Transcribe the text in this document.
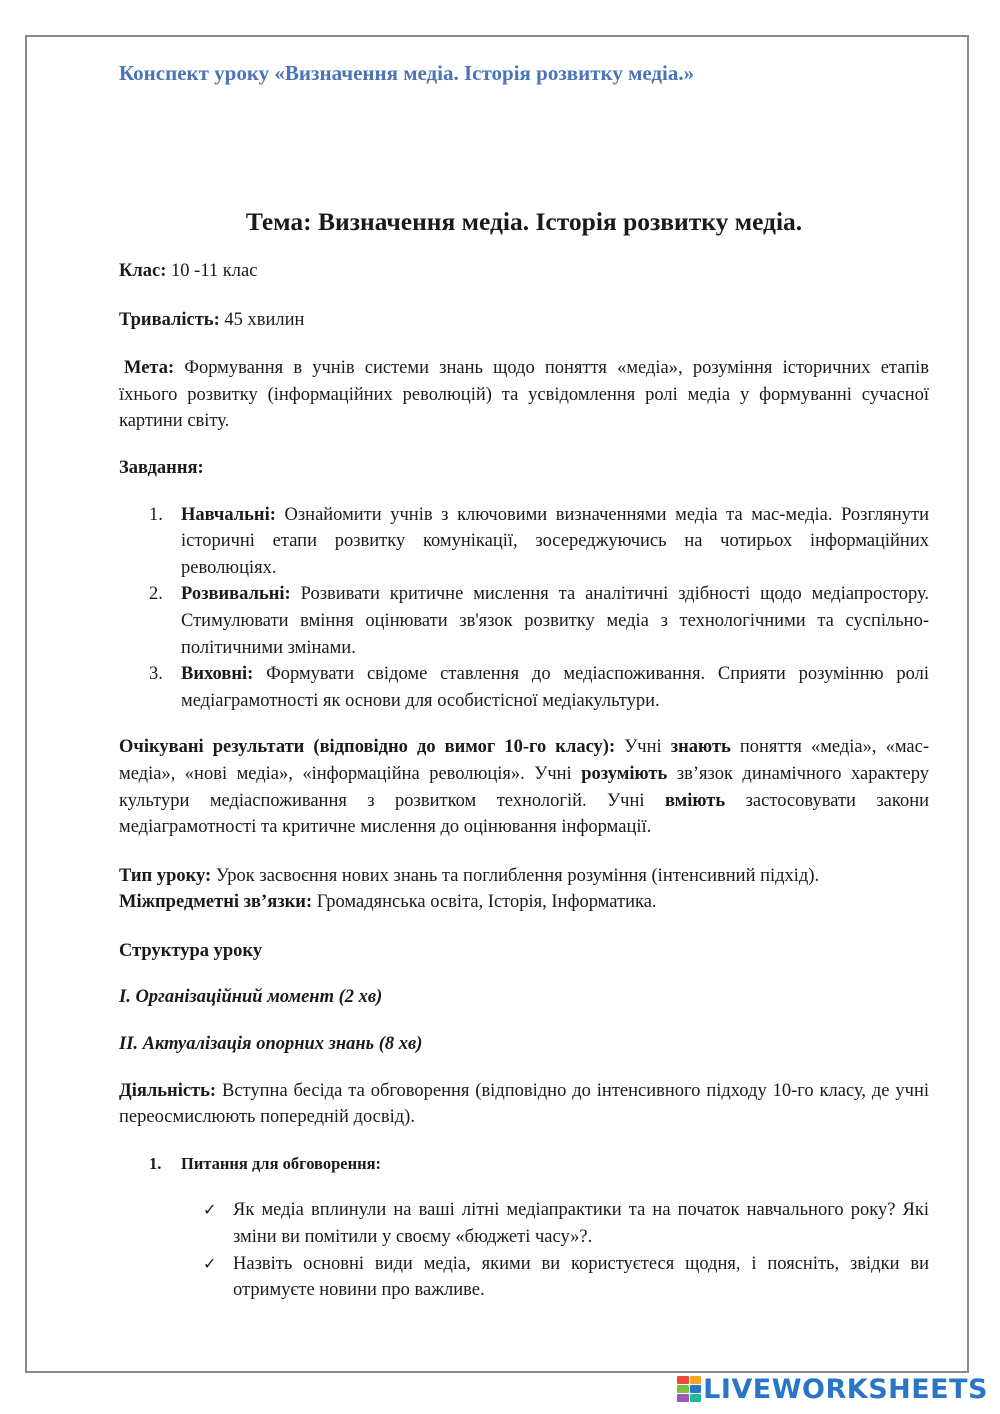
Конспект уроку «Визначення медіа. Історія розвитку медіа.»
Тема: Визначення медіа. Історія розвитку медіа.

Клас: 10 -11 клас

Тривалість: 45 хвилин

Мета: Формування в учнів системи знань щодо поняття «медіа», розуміння історичних етапів їхнього розвитку (інформаційних революцій) та усвідомлення ролі медіа у формуванні сучасної картини світу.

Завдання:

1. Навчальні: Ознайомити учнів з ключовими визначеннями медіа та мас-медіа. Розглянути історичні етапи розвитку комунікації, зосереджуючись на чотирьох інформаційних революціях.
2. Розвивальні: Розвивати критичне мислення та аналітичні здібності щодо медіапростору. Стимулювати вміння оцінювати зв'язок розвитку медіа з технологічними та суспільно-політичними змінами.
3. Виховні: Формувати свідоме ставлення до медіаспоживання. Сприяти розумінню ролі медіаграмотності як основи для особистісної медіакультури.

Очікувані результати (відповідно до вимог 10-го класу): Учні знають поняття «медіа», «мас-медіа», «нові медіа», «інформаційна революція». Учні розуміють зв’язок динамічного характеру культури медіаспоживання з розвитком технологій. Учні вміють застосовувати закони медіаграмотності та критичне мислення до оцінювання інформації.

Тип уроку: Урок засвоєння нових знань та поглиблення розуміння (інтенсивний підхід).
Міжпредметні зв’язки: Громадянська освіта, Історія, Інформатика.

Структура уроку

I. Організаційний момент (2 хв)

II. Актуалізація опорних знань (8 хв)

Діяльність: Вступна бесіда та обговорення (відповідно до інтенсивного підходу 10-го класу, де учні переосмислюють попередній досвід).

1. Питання для обговорення:
✓ Як медіа вплинули на ваші літні медіапрактики та на початок навчального року? Які зміни ви помітили у своєму «бюджеті часу»?.
✓ Назвіть основні види медіа, якими ви користуєтеся щодня, і поясніть, звідки ви отримуєте новини про важливе.
LIVEWORKSHEETS
